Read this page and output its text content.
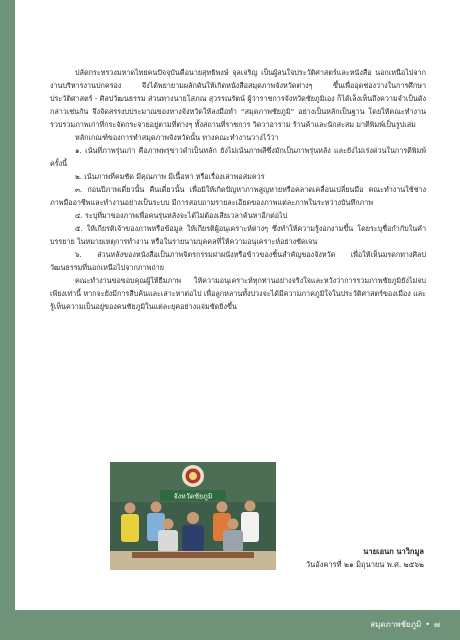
ปลัดกระทรวงมหาดไทยคนปัจจุบันคือนายสุทธิพงษ์ จุลเจริญ เป็นผู้สนใจประวัติศาสตร์และหนังสือ นอกเหนือไปจากงานบริหารงานปกครอง จึงได้พยายามผลักดันให้เกิดหนังสือสมุดภาพจังหวัดต่างๆ ขึ้นเพื่ออุดช่องว่างในการศึกษาประวัติศาสตร์ - ศิลปวัฒนธรรม ส่วนทางนายโสภณ สุวรรณรัตน์ ผู้ว่าราชการจังหวัดชัยภูมิเอง ก็ได้เล็งเห็นถึงความจำเป็นดังกล่าวเช่นกัน จึงจัดสรรงบประมาณของทางจังหวัดให้ลงมือทำ “สมุดภาพชัยภูมิ” อย่างเป็นหลักเป็นฐาน โดยให้คณะทำงานรวบรวมภาพเก่าที่กระจัดกระจายอยู่ตามที่ต่างๆ ทั้งสถานที่ราชการ วิดวาอาราม ร้านค้าและนักสะสม มาตีพิมพ์เป็นรูปเล่ม

หลักเกณฑ์ของการทำสมุดภาพจังหวัดนั้น ทางคณะทำงานวางไว้ว่า

๑. เน้นที่ภาพรุ่นเก่า คือภาพพรุขาวดำเป็นหลัก ยังไม่เน้นภาพสีซึ่งมักเป็นภาพรุ่นหลัง และยังไม่เร่งด่วนในการตีพิมพ์ครั้งนี้

๒. เน้นภาพที่คมชัด มีคุณภาพ มีเนื้อหา หรือเรื่องเล่าพอสมควร

๓. ก่อนปีภาพเดี่ยวนั้น คืนเดี่ยวนั้น เพื่อมิให้เกิดปัญหาภาพสูญหายหรือคลาดเคลื่อนเปลี่ยนมือ คณะทำงานใช้ช่างภาพมืออาชีพและทำงานอย่างเป็นระบบ มีการสอบถามรายละเอียดของภาพแต่ละภาพในระหว่างบันทึกภาพ

๔. ระบุที่มาของภาพเพื่อคนรุ่นหลังจะได้ไม่ต้องเสียเวลาค้นหาอีกต่อไป

๕. ให้เกียรติเจ้าของภาพหรือข้อมูล ให้เกียรติผู้อนุเคราะห์ต่างๆ ซึ่งทำให้ความรู้งอกงามขึ้น โดยระบุชื่อกำกับในคำบรรยาย ในหมายเหตุการทำงาน หรือในรายนามบุคคลที่ให้ความอนุเคราะห์อย่างชัดเจน

๖. ส่วนหลังของหนังสือเป็นภาพจิตรกรรมฝาผนังหรือข้าวของชิ้นสำคัญของจังหวัด เพื่อให้เห็นมรดกทางศิลปวัฒนธรรมที่นอกเหนือไปจากภาพถ่าย

คณะทำงานขอขอบคุณผู้ให้ยืมภาพ ให้ความอนุเคราะห์ทุกท่านอย่างจริงใจและหวังว่าการรวมภาพชัยภูมิยังไม่จบเพียงเท่านี้ หากจะยังมีการสืบค้นและเสาะหาต่อไป เพื่อลูกหลานทั้งปวงจะได้มีความภาคภูมิใจในประวัติศาสตร์ของเมือง และรู้เห็นความเป็นอยู่ของคนชัยภูมิในแต่ละยุคอย่างแจ่มชัดยิ่งขึ้น

จังหวัดชัยภูมิ
นายเอนก นาวิกมูล
วันอังคารที่ ๒๑ มิถุนายน พ.ศ. ๒๕๖๒
สมุดภาพชัยภูมิ • ๗
